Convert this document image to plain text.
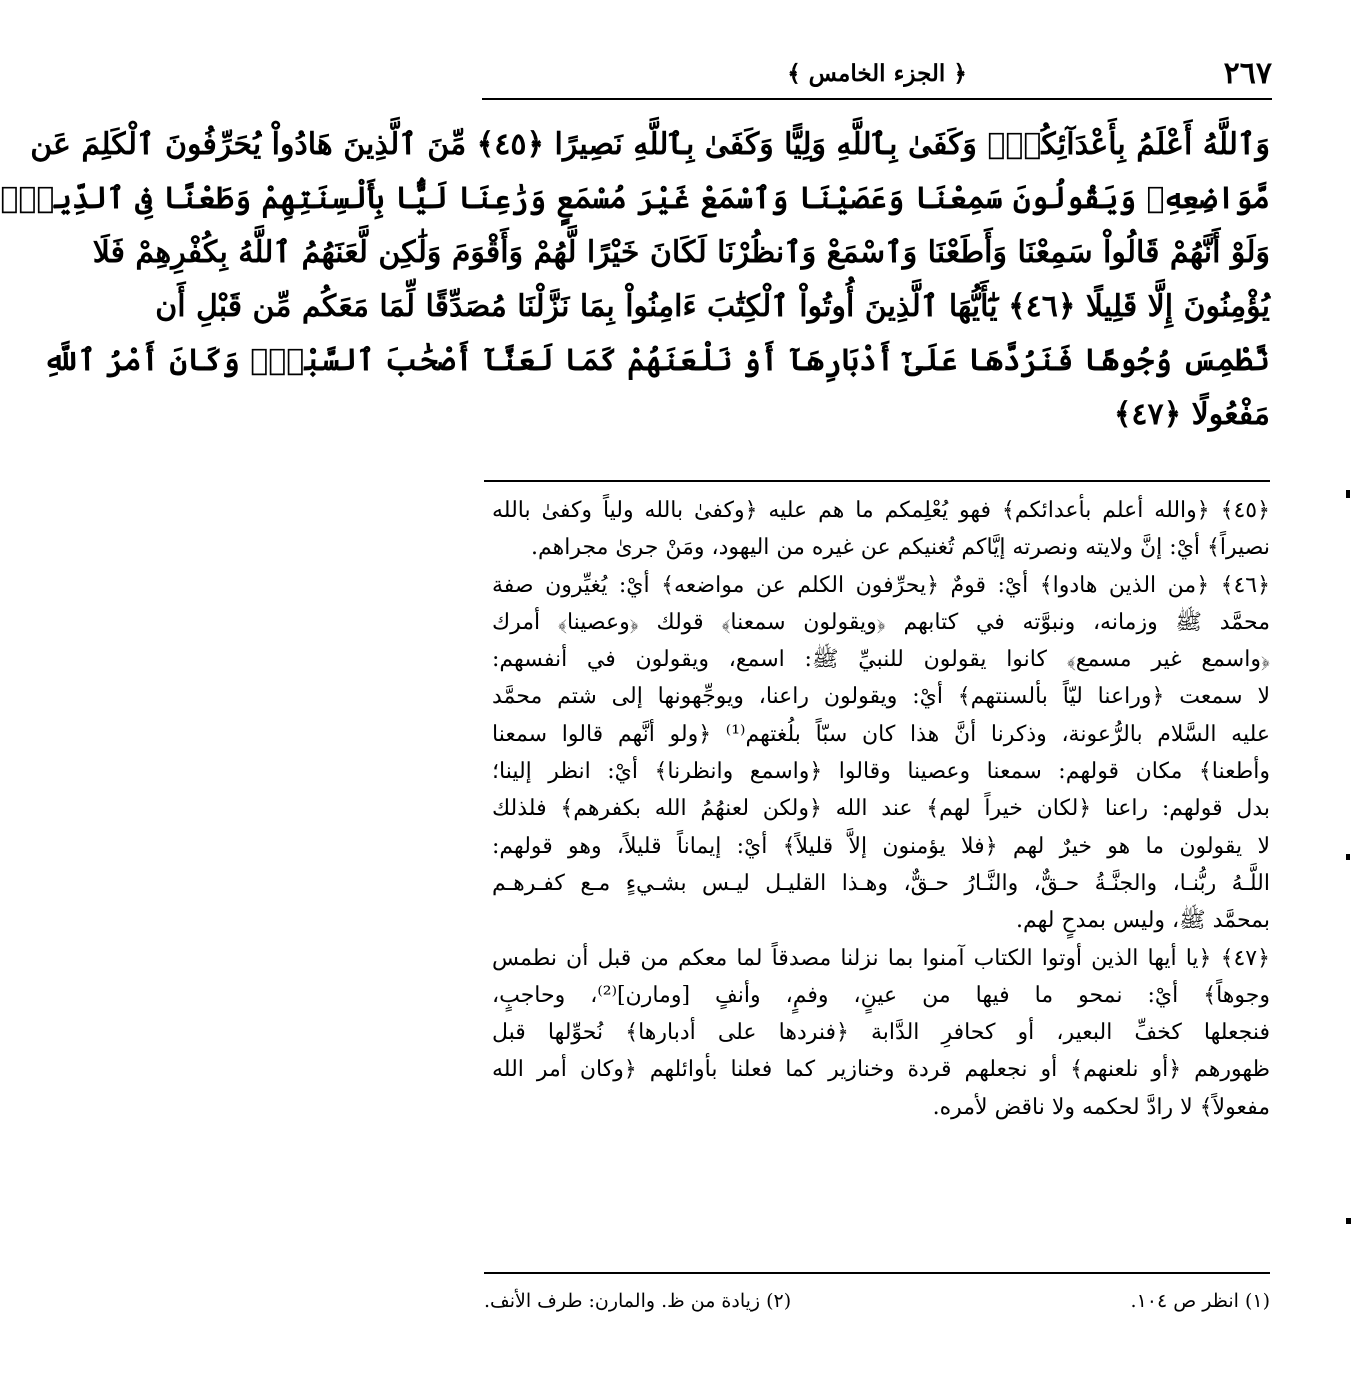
٢٦٧
﴿ الجزء الخامس ﴾
وَٱللَّهُ أَعْلَمُ بِأَعْدَآئِكُمْۚ وَكَفَىٰ بِٱللَّهِ وَلِيًّا وَكَفَىٰ بِٱللَّهِ نَصِيرًا ﴿٤٥﴾ مِّنَ ٱلَّذِينَ هَادُواْ يُحَرِّفُونَ ٱلْكَلِمَ عَن
مَّوَاضِعِهِۦ وَيَقُولُونَ سَمِعْنَا وَعَصَيْنَا وَٱسْمَعْ غَيْرَ مُسْمَعٍ وَرَٰعِنَا لَيًّۢا بِأَلْسِنَتِهِمْ وَطَعْنًا فِى ٱلدِّينِۚ
وَلَوْ أَنَّهُمْ قَالُواْ سَمِعْنَا وَأَطَعْنَا وَٱسْمَعْ وَٱنظُرْنَا لَكَانَ خَيْرًا لَّهُمْ وَأَقْوَمَ وَلَٰكِن لَّعَنَهُمُ ٱللَّهُ بِكُفْرِهِمْ فَلَا
يُؤْمِنُونَ إِلَّا قَلِيلًا ﴿٤٦﴾ يَٰٓأَيُّهَا ٱلَّذِينَ أُوتُواْ ٱلْكِتَٰبَ ءَامِنُواْ بِمَا نَزَّلْنَا مُصَدِّقًا لِّمَا مَعَكُم مِّن قَبْلِ أَن
نَّطْمِسَ وُجُوهًا فَنَرُدَّهَا عَلَىٰٓ أَدْبَارِهَآ أَوْ نَلْعَنَهُمْ كَمَا لَعَنَّآ أَصْحَٰبَ ٱلسَّبْتِۚ وَكَانَ أَمْرُ ٱللَّهِ
مَفْعُولًا ﴿٤٧﴾
﴿٤٥﴾ ﴿والله أعلم بأعدائكم﴾ فهو يُعْلِمكم ما هم عليه ﴿وكفىٰ بالله ولياً وكفىٰ بالله
نصيراً﴾ أيْ: إنَّ ولايته ونصرته إيَّاكم تُغنيكم عن غيره من اليهود، ومَنْ جرىٰ مجراهم.
﴿٤٦﴾ ﴿من الذين هادوا﴾ أيْ: قومٌ ﴿يحرِّفون الكلم عن مواضعه﴾ أيْ: يُغيِّرون صفة
محمَّد ﷺ وزمانه، ونبوَّته في كتابهم ﴿ويقولون سمعنا﴾ قولك ﴿وعصينا﴾ أمرك
﴿واسمع غير مسمع﴾ كانوا يقولون للنبيِّ ﷺ: اسمع، ويقولون في أنفسهم:
لا سمعت ﴿وراعنا ليّاً بألسنتهم﴾ أيْ: ويقولون راعنا، ويوجِّهونها إلى شتم محمَّد
عليه السَّلام بالرُّعونة، وذكرنا أنَّ هذا كان سبّاً بلُغتهم⁽¹⁾ ﴿ولو أنَّهم قالوا سمعنا
وأطعنا﴾ مكان قولهم: سمعنا وعصينا وقالوا ﴿واسمع وانظرنا﴾ أيْ: انظر إلينا؛
بدل قولهم: راعنا ﴿لكان خيراً لهم﴾ عند الله ﴿ولكن لعنهُمُ الله بكفرهم﴾ فلذلك
لا يقولون ما هو خيرٌ لهم ﴿فلا يؤمنون إلاَّ قليلاً﴾ أيْ: إيماناً قليلاً، وهو قولهم:
اللَّـهُ ربُّنـا، والجنَّـةُ حـقٌّ، والنَّـارُ حـقٌّ، وهـذا القليـل ليـس بشـيءٍ مـع كفـرهـم
بمحمَّد ﷺ، وليس بمدحٍ لهم.
﴿٤٧﴾ ﴿يا أيها الذين أوتوا الكتاب آمنوا بما نزلنا مصدقاً لما معكم من قبل أن نطمس
وجوهاً﴾ أيْ: نمحو ما فيها من عينٍ، وفمٍ، وأنفٍ [ومارن]⁽²⁾، وحاجبٍ،
فنجعلها كخفِّ البعير، أو كحافرِ الدَّابة ﴿فنردها على أدبارها﴾ نُحوِّلها قبل
ظهورهم ﴿أو نلعنهم﴾ أو نجعلهم قردة وخنازير كما فعلنا بأوائلهم ﴿وكان أمر الله
مفعولاً﴾ لا رادَّ لحكمه ولا ناقض لأمره.
(١) انظر ص ١٠٤.
(٢) زيادة من ظ. والمارن: طرف الأنف.
